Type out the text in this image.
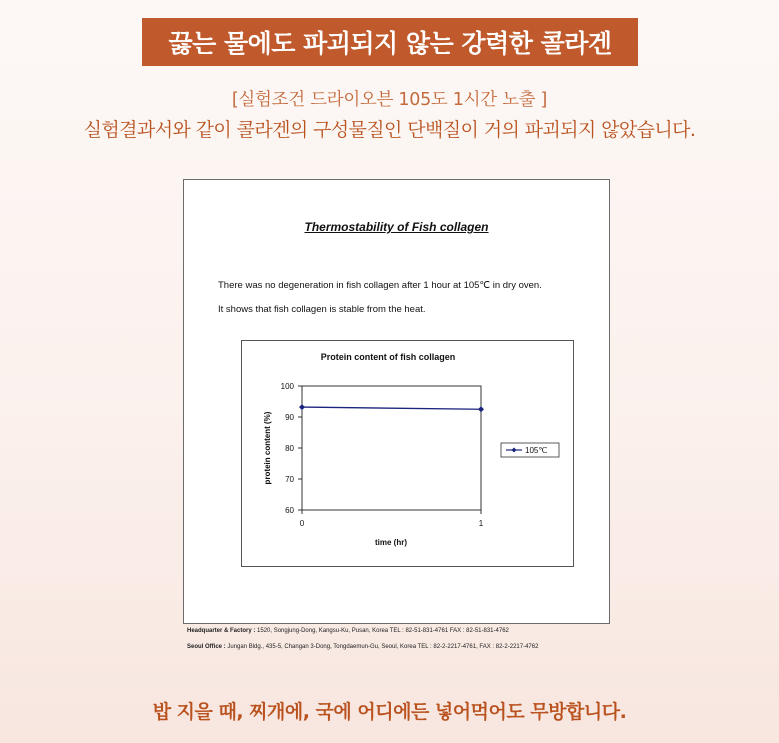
끓는 물에도 파괴되지 않는 강력한 콜라겐
[실험조건 드라이오븐 105도 1시간 노출 ]
실험결과서와 같이 콜라겐의 구성물질인 단백질이 거의 파괴되지 않았습니다.
Thermostability of Fish collagen
There was no degeneration in fish collagen after 1 hour at 105℃ in dry oven.
It shows that fish collagen is stable from the heat.
Protein content of fish collagen
60
70
80
90
100
0	1
protein content (%)
time (hr)
105℃
Headquarter & Factory : 1520, Songjung-Dong, Kangsu-Ku, Pusan, Korea TEL : 82-51-831-4761 FAX : 82-51-831-4762
Seoul Office : Jungan Bldg., 435-5, Changan 3-Dong, Tongdaemun-Gu, Seoul, Korea TEL : 82-2-2217-4761, FAX : 82-2-2217-4762
밥 지을 때, 찌개에, 국에 어디에든 넣어먹어도 무방합니다.
